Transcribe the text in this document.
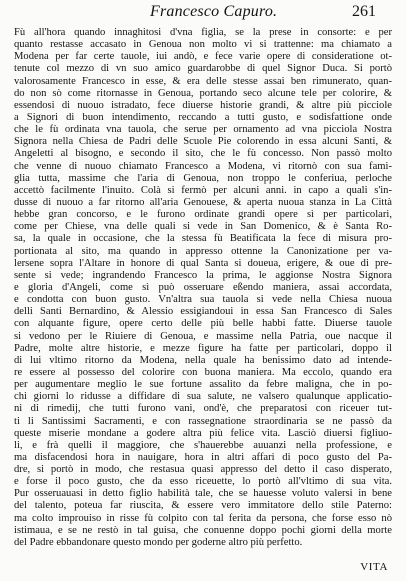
Francesco Capuro.	261
Fù all'hora quando innaghitosi d'vna figlia, se la prese in consorte: e per
quanto restasse accasato in Genoua non molto vi si trattenne: ma chiamato a
Modena per far certe tauole, iui andò, e fece varie opere di consideratione ot-
tenute col mezzo di vn suo amico guardarobbe di quel Signor Duca. Si portò
valorosamente Francesco in esse, & era delle stesse assai ben rimunerato, quan-
do non sò come ritornasse in Genoua, portando seco alcune tele per colorire, &
essendosi di nuouo istradato, fece diuerse historie grandi, & altre più picciole
a Signori di buon intendimento, reccando a tutti gusto, e sodisfattione onde
che le fù ordinata vna tauola, che serue per ornamento ad vna picciola Nostra
Signora nella Chiesa de Padri delle Scuole Pie colorendo in essa alcuni Santi, &
Angeletti al bisogno, e secondo il sito, che le fù concesso. Non passò molto
che venne di nuouo chiamato Francesco a Modena, vi ritornò con sua fami-
glia tutta, massime che l'aria di Genoua, non troppo le conferiua, perloche
accettò facilmente l'inuito. Colà si fermò per alcuni anni. in capo a quali s'in-
dusse di nuouo a far ritorno all'aria Genouese, & aperta nuoua stanza in La Città
hebbe gran concorso, e le furono ordinate grandi opere sì per particolari,
come per Chiese, vna delle quali si vede in San Domenico, & è Santa Ro-
sa, la quale in occasione, che la stessa fù Beatificata la fece di misura pro-
portionata al sito, ma quando in appresso ottenne la Canonizatione per va-
lersene sopra l'Altare in honore di qual Santa si doueua, erigere, & oue di pre-
sente si vede; ingrandendo Francesco la prima, le aggionse Nostra Signora
e gloria d'Angeli, come sì può osseruare eßendo maniera, assai accordata,
e condotta con buon gusto. Vn'altra sua tauola si vede nella Chiesa nuoua
delli Santi Bernardino, & Alessio essigiandoui in essa San Francesco di Sales
con alquante figure, opere certo delle più belle habbi fatte. Diuerse tauole
si vedono per le Riuiere di Genoua, e massime nella Patria, oue nacque il
Padre, molte altre historie, e mezze figure ha fatte per particolari, doppo il
di lui vltimo ritorno da Modena, nella quale ha benissimo dato ad intende-
re essere al possesso del colorire con buona maniera. Ma eccolo, quando era
per augumentare meglio le sue fortune assalito da febre maligna, che in po-
chi giorni lo ridusse a diffidare di sua salute, ne valsero qualunque applicatio-
ni di rimedij, che tutti furono vani, ond'è, che preparatosi con riceuer tut-
ti li Santissimi Sacramenti, e con rassegnatione straordinaria se ne passò da
queste miserie mondane a godere altra più felice vita. Lasciò diuersi figliuo-
li, e frà quelli il maggiore, che s'hauerebbe auuanzi nella professione, e
ma disfacendosi hora in nauigare, hora in altri affari di poco gusto del Pa-
dre, si portò in modo, che restasua quasi appresso del detto il caso disperato,
e forse il poco gusto, che da esso riceuette, lo portò all'vltimo di sua vita.
Pur osseruauasi in detto figlio habilità tale, che se hauesse voluto valersi in bene
del talento, poteua far riuscita, & essere vero immitatore dello stile Paterno:
ma colto improuiso in risse fù colpito con tal ferita da persona, che forse esso nò
istimaua, e se ne restò in tal guisa, che conuenne doppo pochi giorni della morte
del Padre ebbandonare questo mondo per goderne altro più perfetto.
VITA
